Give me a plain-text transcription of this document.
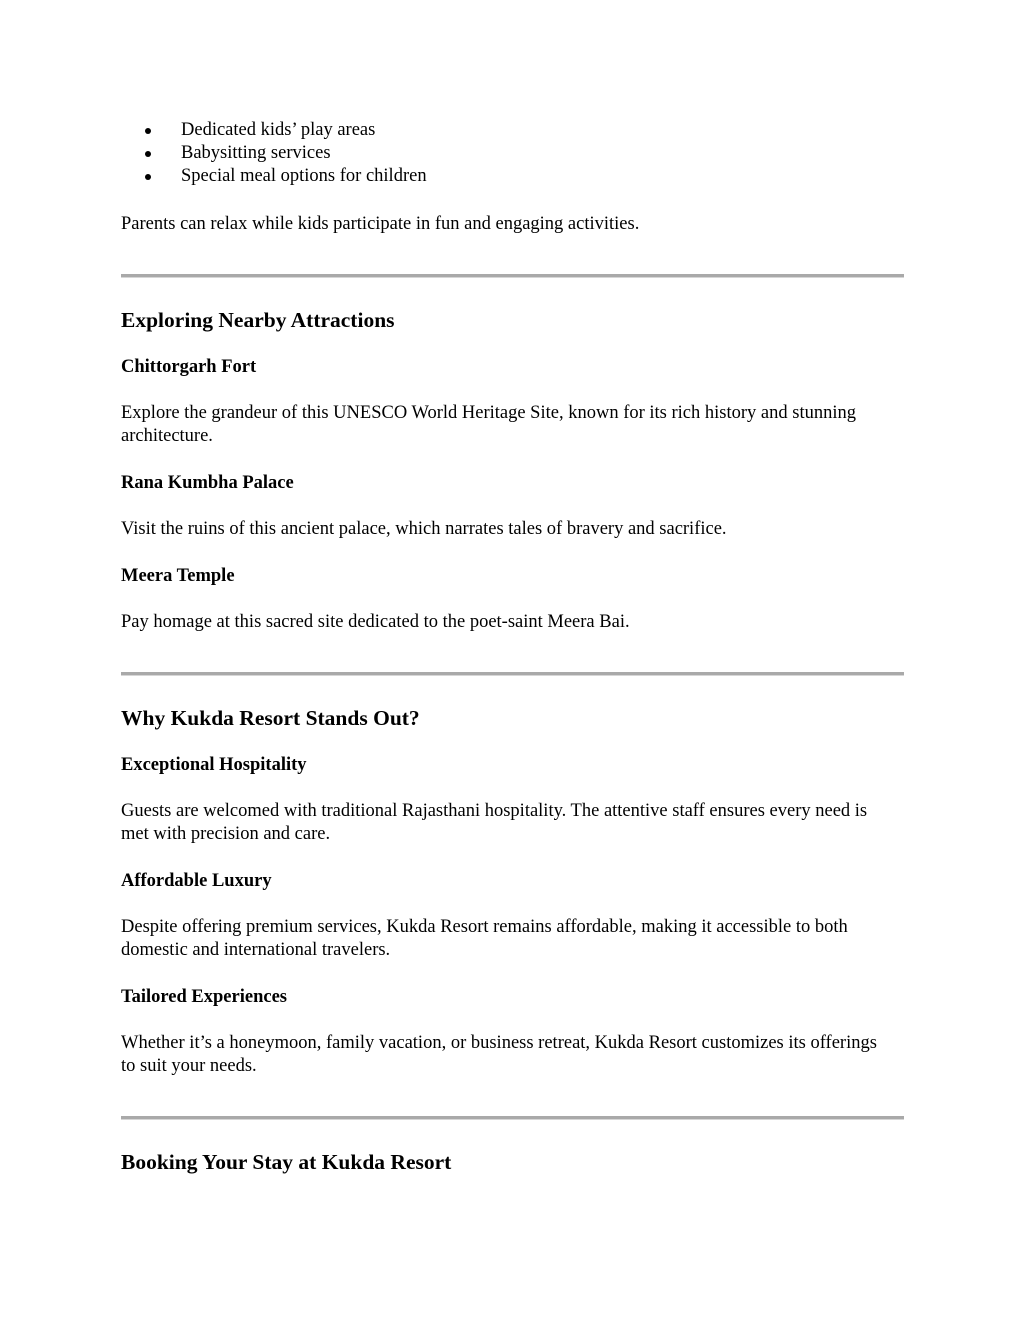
Dedicated kids’ play areas
Babysitting services
Special meal options for children

Parents can relax while kids participate in fun and engaging activities.

Exploring Nearby Attractions
Chittorgarh Fort

Explore the grandeur of this UNESCO World Heritage Site, known for its rich history and stunning architecture.

Rana Kumbha Palace

Visit the ruins of this ancient palace, which narrates tales of bravery and sacrifice.

Meera Temple

Pay homage at this sacred site dedicated to the poet-saint Meera Bai.

Why Kukda Resort Stands Out?
Exceptional Hospitality

Guests are welcomed with traditional Rajasthani hospitality. The attentive staff ensures every need is met with precision and care.

Affordable Luxury

Despite offering premium services, Kukda Resort remains affordable, making it accessible to both domestic and international travelers.

Tailored Experiences

Whether it’s a honeymoon, family vacation, or business retreat, Kukda Resort customizes its offerings to suit your needs.

Booking Your Stay at Kukda Resort
